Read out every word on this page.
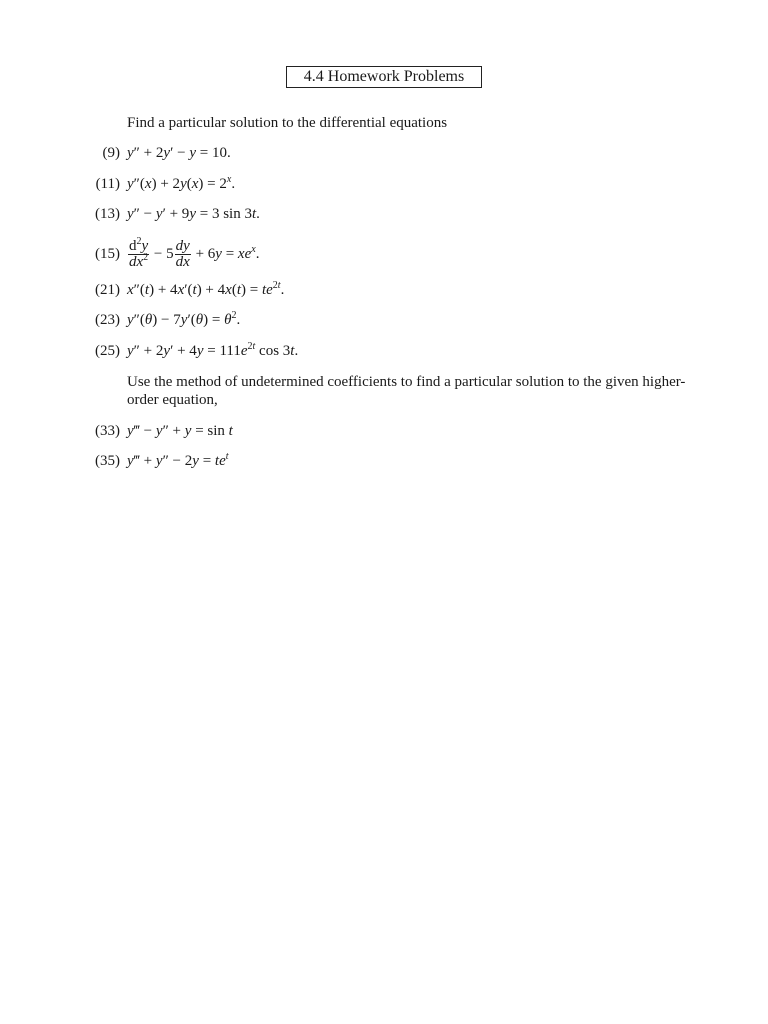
4.4 Homework Problems
Find a particular solution to the differential equations
(9) y″ + 2y′ − y = 10.
(11) $y''(x) + 2y(x) = 2^x$.
(13) y″ − y′ + 9y = 3 sin 3t.
$(15) \frac{d^2y}{dx^2} - 5 \frac{dy}{dx} + 6y = xe^x$.
(21) $x''(t) + 4x'(t) + 4x(t) = te^{2t}$.
(23) $y''(\theta) - 7y'(\theta) = \theta^2$.
(25) $y'' + 2y' + 4y = 111e^{2t}$ cos 3t.
Use the method of undetermined coefficients to find a particular solution to the given higher-order equation,
(33) y‴ − y″ + y = sin t
(35) y‴ + $y'' - 2y = te^t$
